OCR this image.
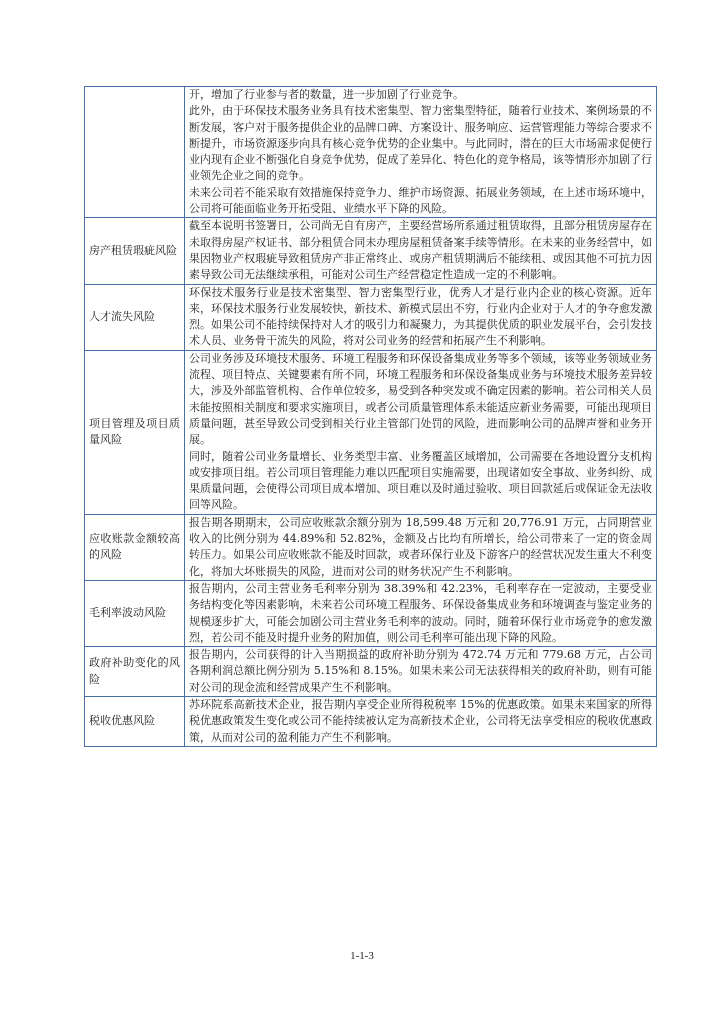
	开，增加了行业参与者的数量，进一步加剧了行业竞争。

此外，由于环保技术服务业务具有技术密集型、智力密集型特征，随着行业技术、案例场景的不断发展，客户对于服务提供企业的品牌口碑、方案设计、服务响应、运营管理能力等综合要求不断提升，市场资源逐步向具有核心竞争优势的企业集中。与此同时，潜在的巨大市场需求促使行业内现有企业不断强化自身竞争优势，促成了差异化、特色化的竞争格局，该等情形亦加剧了行业领先企业之间的竞争。

未来公司若不能采取有效措施保持竞争力、维护市场资源、拓展业务领域，在上述市场环境中，公司将可能面临业务开拓受阻、业绩水平下降的风险。

房产租赁瑕疵风险	截至本说明书签署日，公司尚无自有房产，主要经营场所系通过租赁取得，且部分租赁房屋存在未取得房屋产权证书、部分租赁合同未办理房屋租赁备案手续等情形。在未来的业务经营中，如果因物业产权瑕疵导致租赁房产非正常终止、或房产租赁期满后不能续租、或因其他不可抗力因素导致公司无法继续承租，可能对公司生产经营稳定性造成一定的不利影响。

人才流失风险	环保技术服务行业是技术密集型、智力密集型行业，优秀人才是行业内企业的核心资源。近年来，环保技术服务行业发展较快，新技术、新模式层出不穷，行业内企业对于人才的争夺愈发激烈。如果公司不能持续保持对人才的吸引力和凝聚力，为其提供优质的职业发展平台，会引发技术人员、业务骨干流失的风险，将对公司业务的经营和拓展产生不利影响。

项目管理及项目质量风险	公司业务涉及环境技术服务、环境工程服务和环保设备集成业务等多个领域，该等业务领域业务流程、项目特点、关键要素有所不同，环境工程服务和环保设备集成业务与环境技术服务差异较大，涉及外部监管机构、合作单位较多，易受到各种突发或不确定因素的影响。若公司相关人员未能按照相关制度和要求实施项目，或者公司质量管理体系未能适应新业务需要，可能出现项目质量问题，甚至导致公司受到相关行业主管部门处罚的风险，进而影响公司的品牌声誉和业务开展。

同时，随着公司业务量增长、业务类型丰富、业务覆盖区域增加，公司需要在各地设置分支机构或安排项目组。若公司项目管理能力难以匹配项目实施需要，出现诸如安全事故、业务纠纷、成果质量问题，会使得公司项目成本增加、项目难以及时通过验收、项目回款延后或保证金无法收回等风险。

应收账款金额较高的风险	报告期各期期末，公司应收账款余额分别为 18,599.48 万元和 20,776.91 万元，占同期营业收入的比例分别为 44.89%和 52.82%，金额及占比均有所增长，给公司带来了一定的资金周转压力。如果公司应收账款不能及时回款，或者环保行业及下游客户的经营状况发生重大不利变化，将加大坏账损失的风险，进而对公司的财务状况产生不利影响。

毛利率波动风险	报告期内，公司主营业务毛利率分别为 38.39%和 42.23%，毛利率存在一定波动，主要受业务结构变化等因素影响，未来若公司环境工程服务、环保设备集成业务和环境调查与鉴定业务的规模逐步扩大，可能会加剧公司主营业务毛利率的波动。同时，随着环保行业市场竞争的愈发激烈，若公司不能及时提升业务的附加值，则公司毛利率可能出现下降的风险。

政府补助变化的风险	报告期内，公司获得的计入当期损益的政府补助分别为 472.74 万元和 779.68 万元，占公司各期利润总额比例分别为 5.15%和 8.15%。如果未来公司无法获得相关的政府补助，则有可能对公司的现金流和经营成果产生不利影响。

税收优惠风险	苏环院系高新技术企业，报告期内享受企业所得税税率 15%的优惠政策。如果未来国家的所得税优惠政策发生变化或公司不能持续被认定为高新技术企业，公司将无法享受相应的税收优惠政策，从而对公司的盈利能力产生不利影响。

1-1-3
